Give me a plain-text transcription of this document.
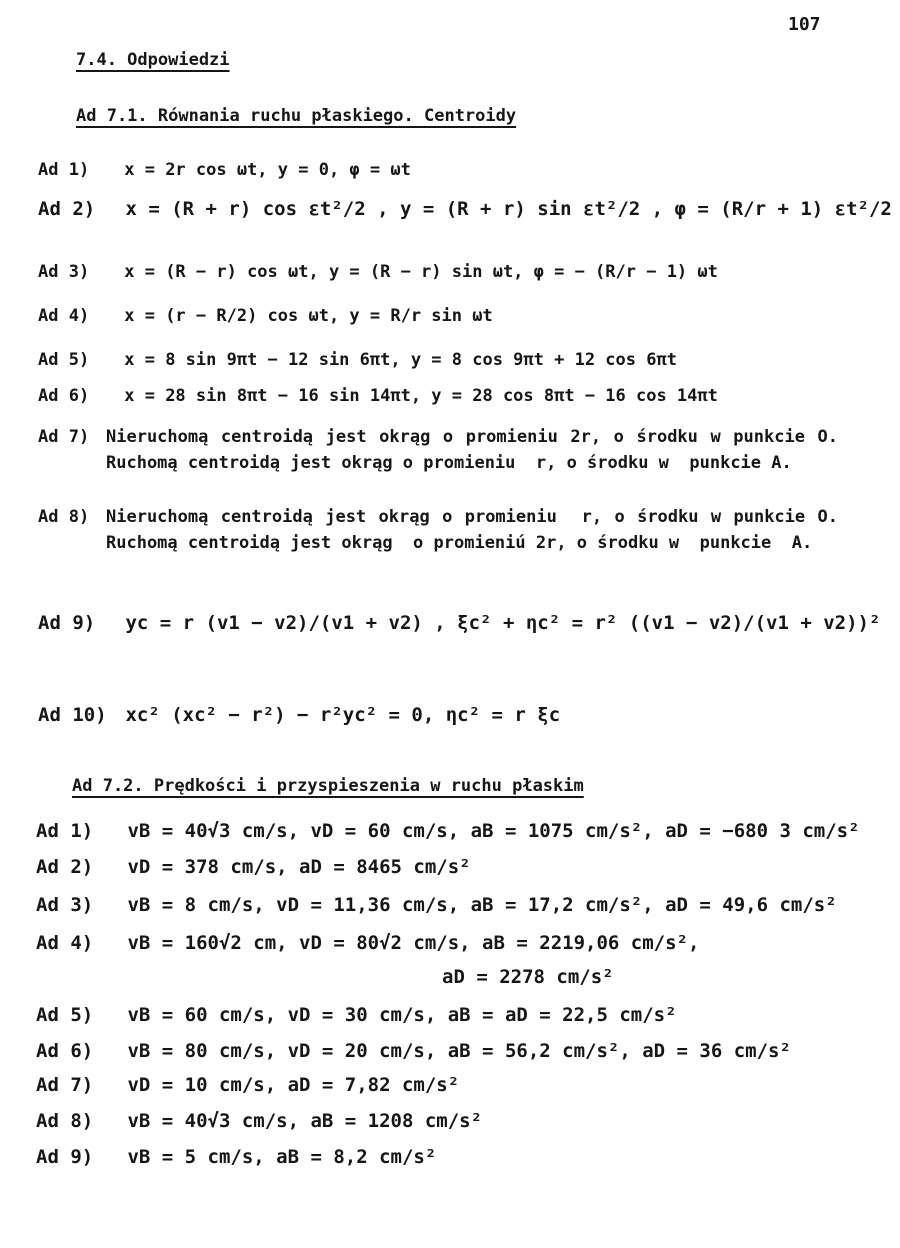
107
7.4. Odpowiedzi
Ad 7.1. Równania ruchu płaskiego. Centroidy
Ad 1) x = 2r cos ωt, y = 0, φ = ωt
Ad 2) x = (R + r) cos εt²/2 , y = (R + r) sin εt²/2 , φ = (R/r + 1) εt²/2
Ad 3) x = (R − r) cos ωt, y = (R − r) sin ωt, φ = − (R/r − 1) ωt
Ad 4) x = (r − R/2) cos ωt, y = R/r sin ωt
Ad 5) x = 8 sin 9πt − 12 sin 6πt, y = 8 cos 9πt + 12 cos 6πt
Ad 6) x = 28 sin 8πt − 16 sin 14πt, y = 28 cos 8πt − 16 cos 14πt
Ad 7) Nieruchomą centroidą jest okrąg o promieniu 2r, o środku w punkcie O. Ruchomą centroidą jest okrąg o promieniu  r, o środku w  punkcie A.
Ad 8) Nieruchomą centroidą jest okrąg o promieniu  r, o środku w punkcie O. Ruchomą centroidą jest okrąg  o promieniú 2r, o środku w  punkcie  A.
Ad 9) yc = r (v1 − v2)/(v1 + v2) , ξc² + ηc² = r² ((v1 − v2)/(v1 + v2))²
Ad 10) xc² (xc² − r²) − r²yc² = 0, ηc² = r ξc
Ad 7.2. Prędkości i przyspieszenia w ruchu płaskim
Ad 1) vB = 40√3 cm/s, vD = 60 cm/s, aB = 1075 cm/s², aD = −680 3 cm/s²
Ad 2) vD = 378 cm/s, aD = 8465 cm/s²
Ad 3) vB = 8 cm/s, vD = 11,36 cm/s, aB = 17,2 cm/s², aD = 49,6 cm/s²
Ad 4) vB = 160√2 cm, vD = 80√2 cm/s, aB = 2219,06 cm/s²,
aD = 2278 cm/s²
Ad 5) vB = 60 cm/s, vD = 30 cm/s, aB = aD = 22,5 cm/s²
Ad 6) vB = 80 cm/s, vD = 20 cm/s, aB = 56,2 cm/s², aD = 36 cm/s²
Ad 7) vD = 10 cm/s, aD = 7,82 cm/s²
Ad 8) vB = 40√3 cm/s, aB = 1208 cm/s²
Ad 9) vB = 5 cm/s, aB = 8,2 cm/s²
